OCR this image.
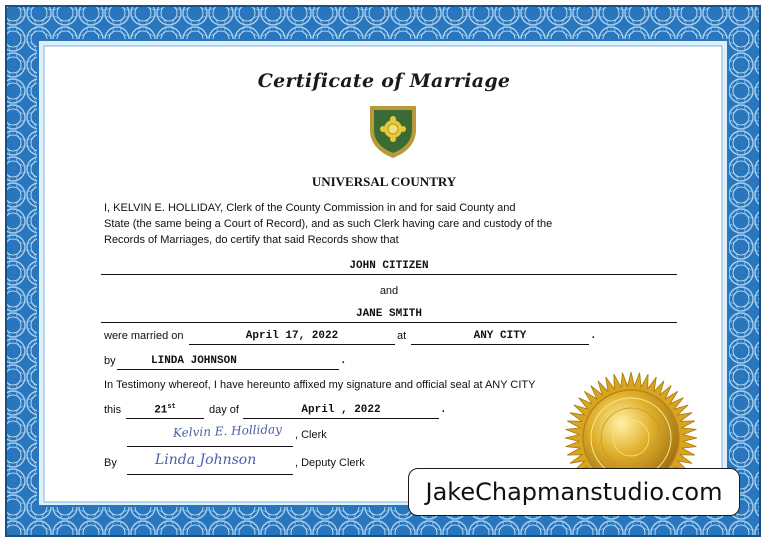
Certificate of Marriage
UNIVERSAL COUNTRY
I, KELVIN E. HOLLIDAY, Clerk of the County Commission in and for said County and
State (the same being a Court of Record), and as such Clerk having care and custody of the
Records of Marriages, do certify that said Records show that
JOHN CITIZEN
and
JANE SMITH
were married on	April 17, 2022	at	ANY CITY	.
by	LINDA JOHNSON	.
In Testimony whereof, I have hereunto affixed my signature and official seal at ANY CITY
this	21st	day of	April , 2022	.
Kelvin E. Holliday , Clerk
By	Linda Johnson	, Deputy Clerk
JakeChapmanstudio.com
